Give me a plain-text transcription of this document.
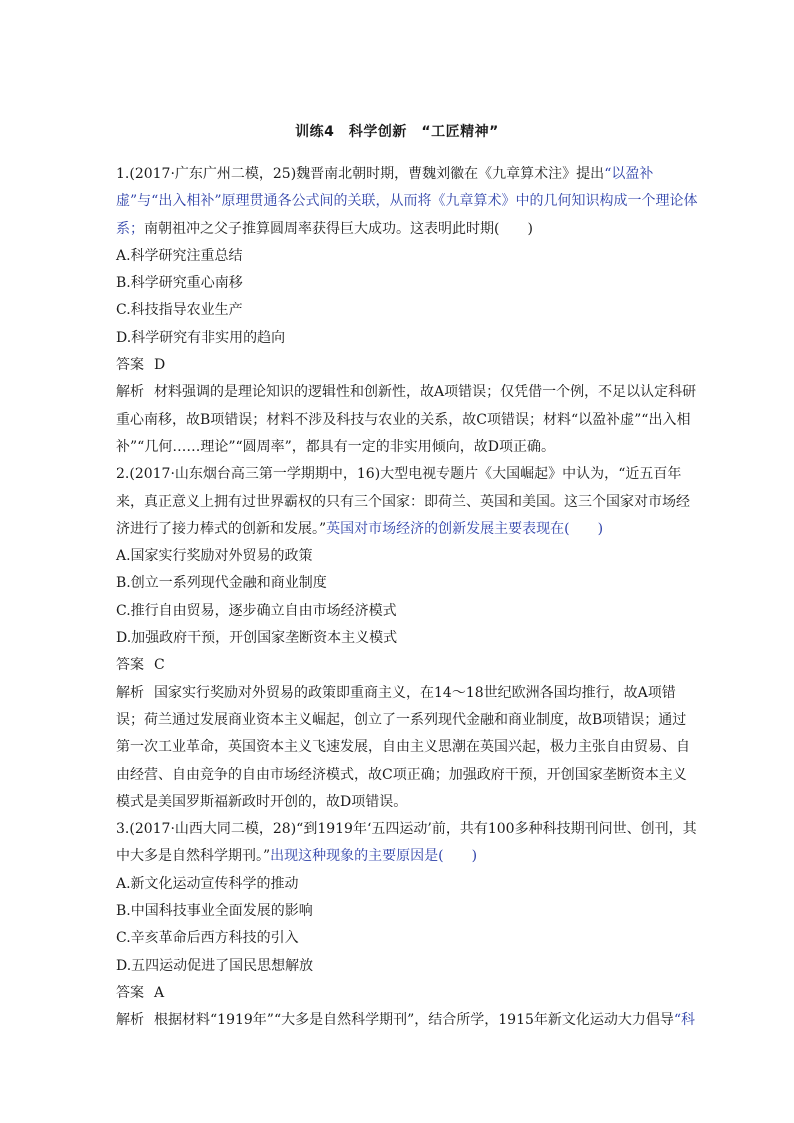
训练4　科学创新　“工匠精神”

1.(2017·广东广州二模，25)魏晋南北朝时期，曹魏刘徽在《九章算术注》提出“以盈补虚”与“出入相补”原理贯通各公式间的关联，从而将《九章算术》中的几何知识构成一个理论体系；南朝祖冲之父子推算圆周率获得巨大成功。这表明此时期(　　)

A.科学研究注重总结

B.科学研究重心南移

C.科技指导农业生产

D.科学研究有非实用的趋向

答案 D

解析 材料强调的是理论知识的逻辑性和创新性，故A项错误；仅凭借一个例，不足以认定科研重心南移，故B项错误；材料不涉及科技与农业的关系，故C项错误；材料“以盈补虚”“出入相补”“几何……理论”“圆周率”，都具有一定的非实用倾向，故D项正确。

2.(2017·山东烟台高三第一学期期中，16)大型电视专题片《大国崛起》中认为，“近五百年来，真正意义上拥有过世界霸权的只有三个国家：即荷兰、英国和美国。这三个国家对市场经济进行了接力棒式的创新和发展。”英国对市场经济的创新发展主要表现在(　　)

A.国家实行奖励对外贸易的政策

B.创立一系列现代金融和商业制度

C.推行自由贸易，逐步确立自由市场经济模式

D.加强政府干预，开创国家垄断资本主义模式

答案 C

解析 国家实行奖励对外贸易的政策即重商主义，在14～18世纪欧洲各国均推行，故A项错误；荷兰通过发展商业资本主义崛起，创立了一系列现代金融和商业制度，故B项错误；通过第一次工业革命，英国资本主义飞速发展，自由主义思潮在英国兴起，极力主张自由贸易、自由经营、自由竞争的自由市场经济模式，故C项正确；加强政府干预，开创国家垄断资本主义模式是美国罗斯福新政时开创的，故D项错误。

3.(2017·山西大同二模，28)“到1919年‘五四运动’前，共有100多种科技期刊问世、创刊，其中大多是自然科学期刊。”出现这种现象的主要原因是(　　)

A.新文化运动宣传科学的推动

B.中国科技事业全面发展的影响

C.辛亥革命后西方科技的引入

D.五四运动促进了国民思想解放

答案 A

解析 根据材料“1919年”“大多是自然科学期刊”，结合所学，1915年新文化运动大力倡导“科
